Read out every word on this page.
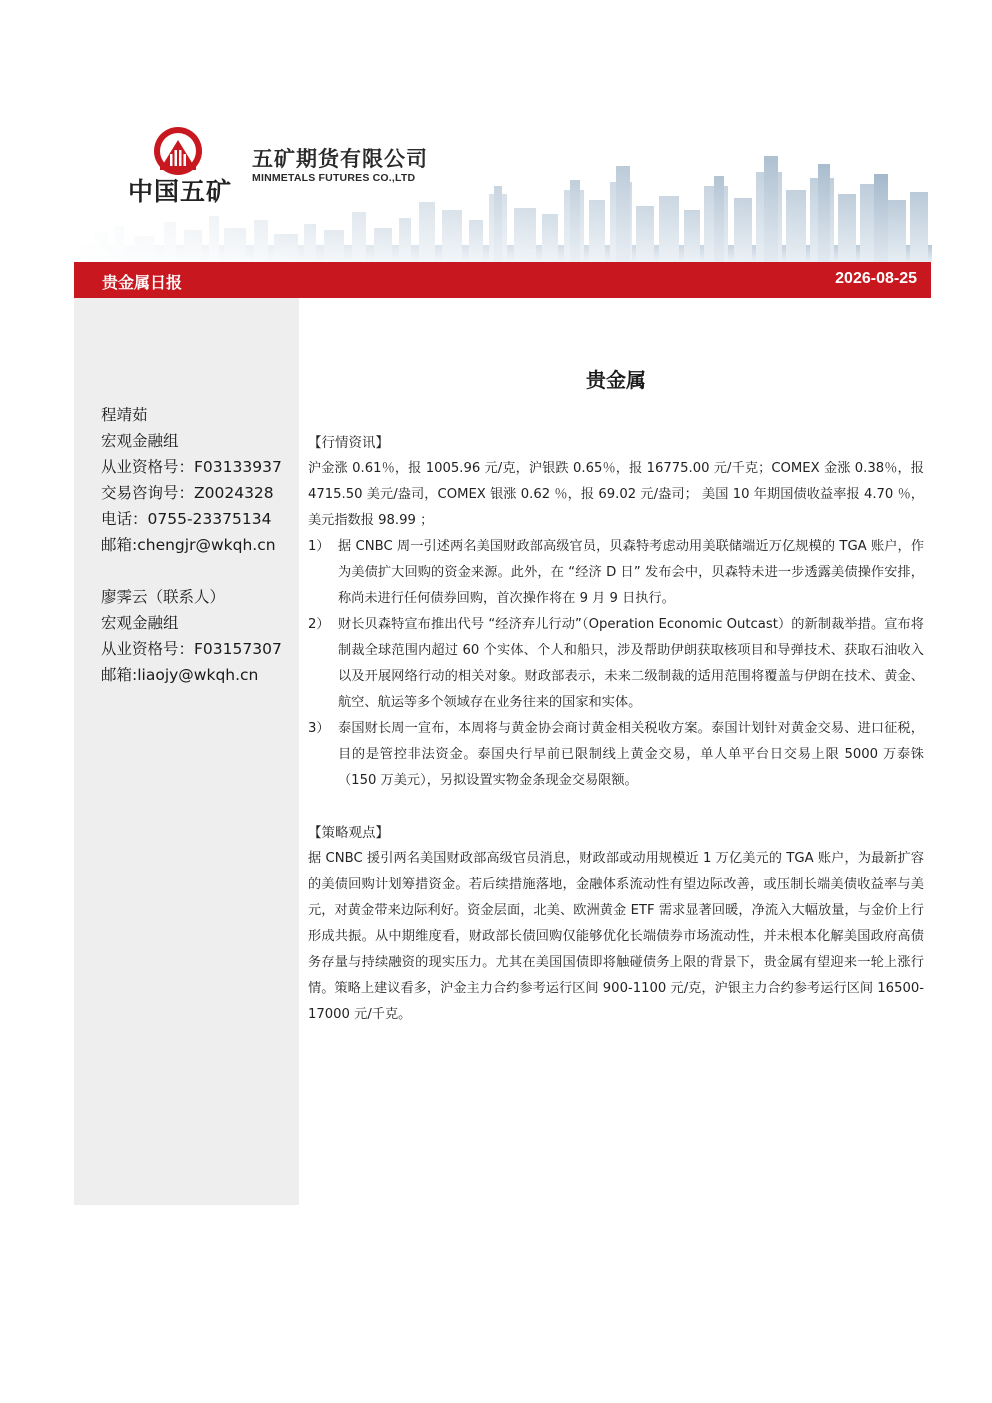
中国五矿
五矿期货有限公司
MINMETALS FUTURES CO.,LTD
贵金属日报	2026-08-25
程靖茹
宏观金融组
从业资格号：F03133937
交易咨询号：Z0024328
电话：0755-23375134
邮箱:chengjr@wkqh.cn
廖霁云（联系人）
宏观金融组
从业资格号：F03157307
邮箱:liaojy@wkqh.cn
贵金属
【行情资讯】
沪金涨 0.61％，报 1005.96 元/克，沪银跌 0.65％，报 16775.00 元/千克；COMEX 金涨 0.38％，报 4715.50 美元/盎司，COMEX 银涨 0.62 ％，报 69.02 元/盎司； 美国 10 年期国债收益率报 4.70 ％，美元指数报 98.99 ；
1） 据 CNBC 周一引述两名美国财政部高级官员，贝森特考虑动用美联储端近万亿规模的 TGA 账户，作为美债扩大回购的资金来源。此外，在 “经济 D 日” 发布会中，贝森特未进一步透露美债操作安排，称尚未进行任何债券回购，首次操作将在 9 月 9 日执行。
2） 财长贝森特宣布推出代号 “经济弃儿行动”（Operation Economic Outcast）的新制裁举措。宣布将制裁全球范围内超过 60 个实体、个人和船只，涉及帮助伊朗获取核项目和导弹技术、获取石油收入以及开展网络行动的相关对象。财政部表示，未来二级制裁的适用范围将覆盖与伊朗在技术、黄金、航空、航运等多个领域存在业务往来的国家和实体。
3） 泰国财长周一宣布，本周将与黄金协会商讨黄金相关税收方案。泰国计划针对黄金交易、进口征税，目的是管控非法资金。泰国央行早前已限制线上黄金交易，单人单平台日交易上限 5000 万泰铢（150 万美元），另拟设置实物金条现金交易限额。
【策略观点】
据 CNBC 援引两名美国财政部高级官员消息，财政部或动用规模近 1 万亿美元的 TGA 账户，为最新扩容的美债回购计划筹措资金。若后续措施落地，金融体系流动性有望边际改善，或压制长端美债收益率与美元，对黄金带来边际利好。资金层面，北美、欧洲黄金 ETF 需求显著回暖，净流入大幅放量，与金价上行形成共振。从中期维度看，财政部长债回购仅能够优化长端债券市场流动性，并未根本化解美国政府高债务存量与持续融资的现实压力。尤其在美国国债即将触碰债务上限的背景下，贵金属有望迎来一轮上涨行情。策略上建议看多，沪金主力合约参考运行区间 900-1100 元/克，沪银主力合约参考运行区间 16500-17000 元/千克。
